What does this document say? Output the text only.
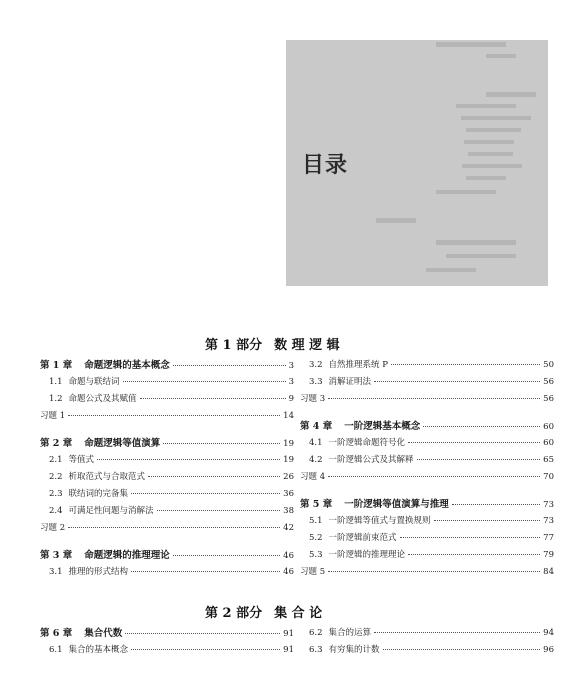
目录
第 1 部分 数 理 逻 辑
第 1 章 命题逻辑的基本概念	3
1.1 命题与联结词	3
1.2 命题公式及其赋值	9
习题 1	14
第 2 章 命题逻辑等值演算	19
2.1 等值式	19
2.2 析取范式与合取范式	26
2.3 联结词的完备集	36
2.4 可满足性问题与消解法	38
习题 2	42
第 3 章 命题逻辑的推理理论	46
3.1 推理的形式结构	46
3.2 自然推理系统 P	50
3.3 消解证明法	56
习题 3	56
第 4 章 一阶逻辑基本概念	60
4.1 一阶逻辑命题符号化	60
4.2 一阶逻辑公式及其解释	65
习题 4	70
第 5 章 一阶逻辑等值演算与推理	73
5.1 一阶逻辑等值式与置换规则	73
5.2 一阶逻辑前束范式	77
5.3 一阶逻辑的推理理论	79
习题 5	84
第 2 部分 集 合 论
第 6 章 集合代数	91
6.1 集合的基本概念	91
6.2 集合的运算	94
6.3 有穷集的计数	96
